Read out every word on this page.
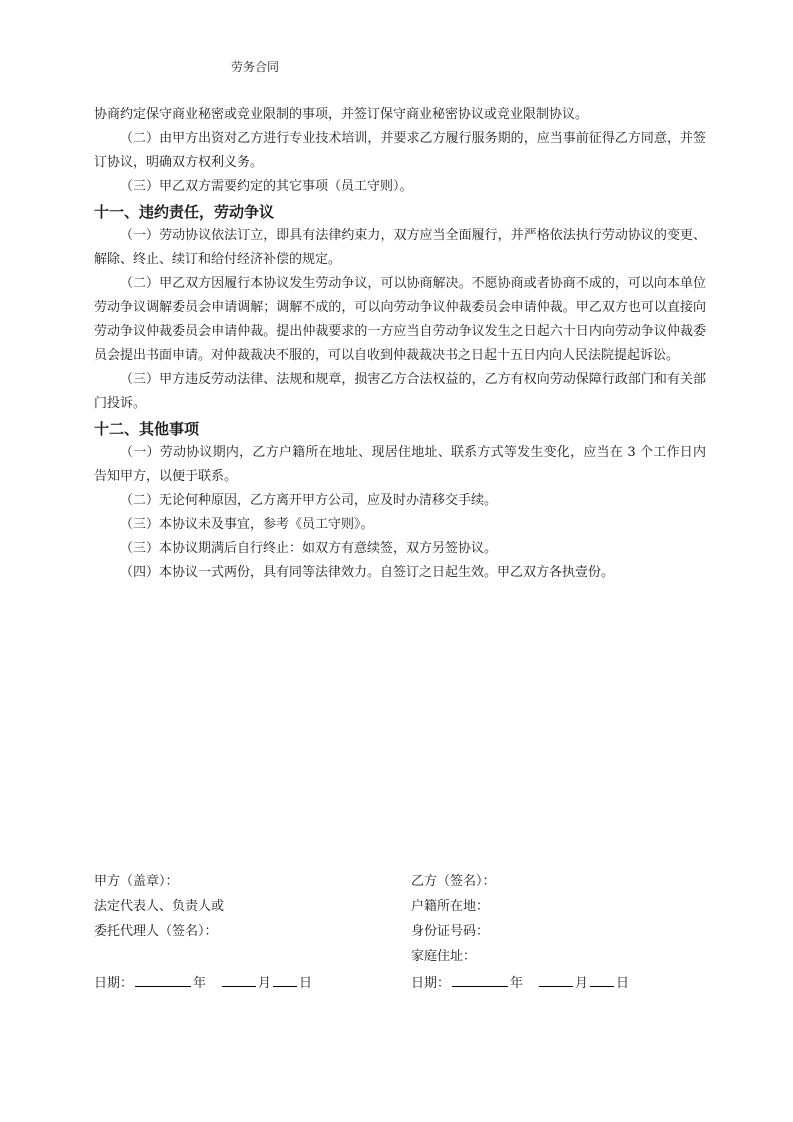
劳务合同

协商约定保守商业秘密或竞业限制的事项，并签订保守商业秘密协议或竞业限制协议。

（二）由甲方出资对乙方进行专业技术培训，并要求乙方履行服务期的，应当事前征得乙方同意，并签订协议，明确双方权利义务。

（三）甲乙双方需要约定的其它事项（员工守则）。

十一、违约责任，劳动争议

（一）劳动协议依法订立，即具有法律约束力，双方应当全面履行，并严格依法执行劳动协议的变更、解除、终止、续订和给付经济补偿的规定。

（二）甲乙双方因履行本协议发生劳动争议，可以协商解决。不愿协商或者协商不成的，可以向本单位劳动争议调解委员会申请调解；调解不成的，可以向劳动争议仲裁委员会申请仲裁。甲乙双方也可以直接向劳动争议仲裁委员会申请仲裁。提出仲裁要求的一方应当自劳动争议发生之日起六十日内向劳动争议仲裁委员会提出书面申请。对仲裁裁决不服的，可以自收到仲裁裁决书之日起十五日内向人民法院提起诉讼。

（三）甲方违反劳动法律、法规和规章，损害乙方合法权益的，乙方有权向劳动保障行政部门和有关部门投诉。

十二、其他事项

（一）劳动协议期内，乙方户籍所在地址、现居住地址、联系方式等发生变化，应当在 3 个工作日内告知甲方，以便于联系。

（二）无论何种原因，乙方离开甲方公司，应及时办清移交手续。

（三）本协议未及事宜，参考《员工守则》。

（三）本协议期满后自行终止：如双方有意续签，双方另签协议。

（四）本协议一式两份，具有同等法律效力。自签订之日起生效。甲乙双方各执壹份。

甲方（盖章）：
法定代表人、负责人或
委托代理人（签名）：
日期：	年	月 日
乙方（签名）：
户籍所在地：
身份证号码：
家庭住址：
日期：	年	月 日
